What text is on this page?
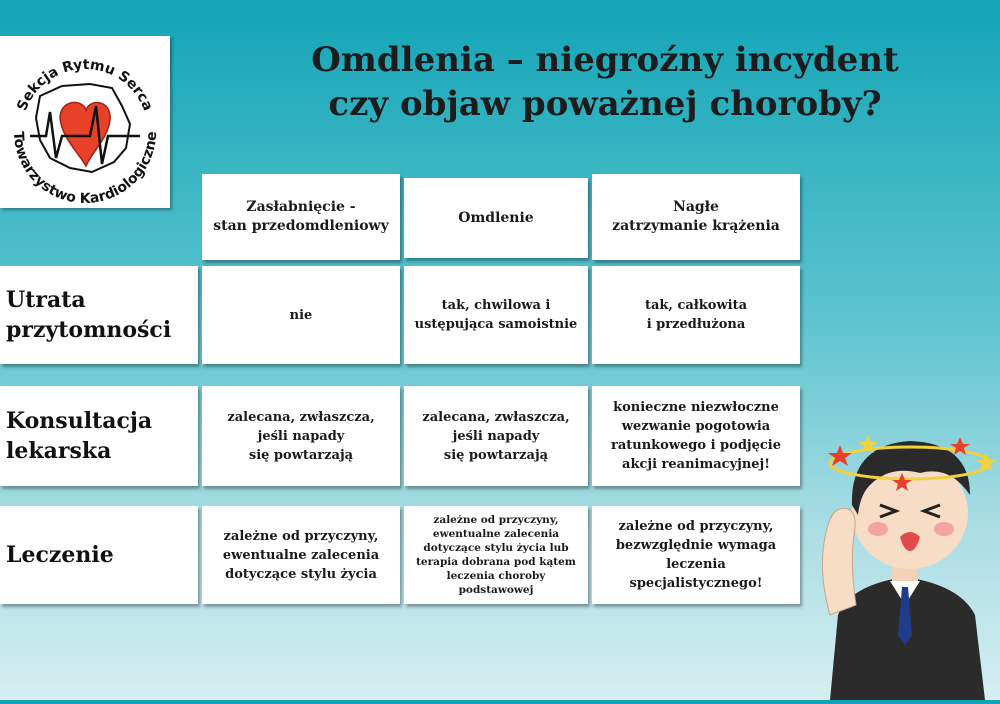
Sekcja Rytmu Serca
Towarzystwo Kardiologiczne
Omdlenia – niegroźny incydent
czy objaw poważnej choroby?
Zasłabnięcie -
stan przedomdleniowy
Omdlenie
Nagłe
zatrzymanie krążenia
Utrata
przytomności
nie
tak, chwilowa i
ustępująca samoistnie
tak, całkowita
i przedłużona
Konsultacja
lekarska
zalecana, zwłaszcza,
jeśli napady
się powtarzają
zalecana, zwłaszcza,
jeśli napady
się powtarzają
konieczne niezwłoczne
wezwanie pogotowia
ratunkowego i podjęcie
akcji reanimacyjnej!
Leczenie
zależne od przyczyny,
ewentualne zalecenia
dotyczące stylu życia
zależne od przyczyny,
ewentualne zalecenia
dotyczące stylu życia lub
terapia dobrana pod kątem
leczenia choroby podstawowej
zależne od przyczyny,
bezwzględnie wymaga
leczenia specjalistycznego!
